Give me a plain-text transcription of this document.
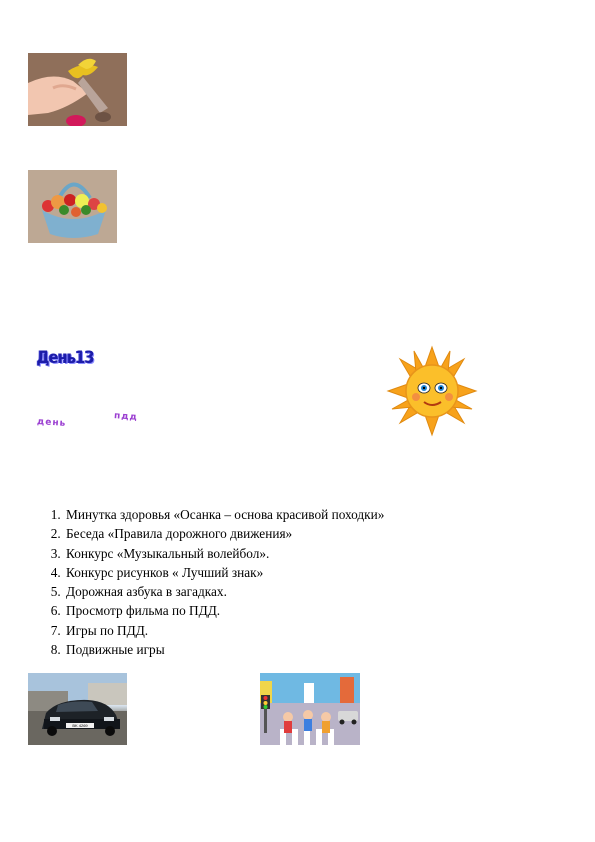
День13
день	пдд
1. Минутка здоровья «Осанка – основа красивой походки»
2. Беседа «Правила дорожного движения»
3. Конкурс «Музыкальный волейбол».
4. Конкурс рисунков « Лучший знак»
5. Дорожная азбука в загадках.
6. Просмотр фильма по ПДД.
7. Игры по ПДД.
8. Подвижные игры
BK 4269
